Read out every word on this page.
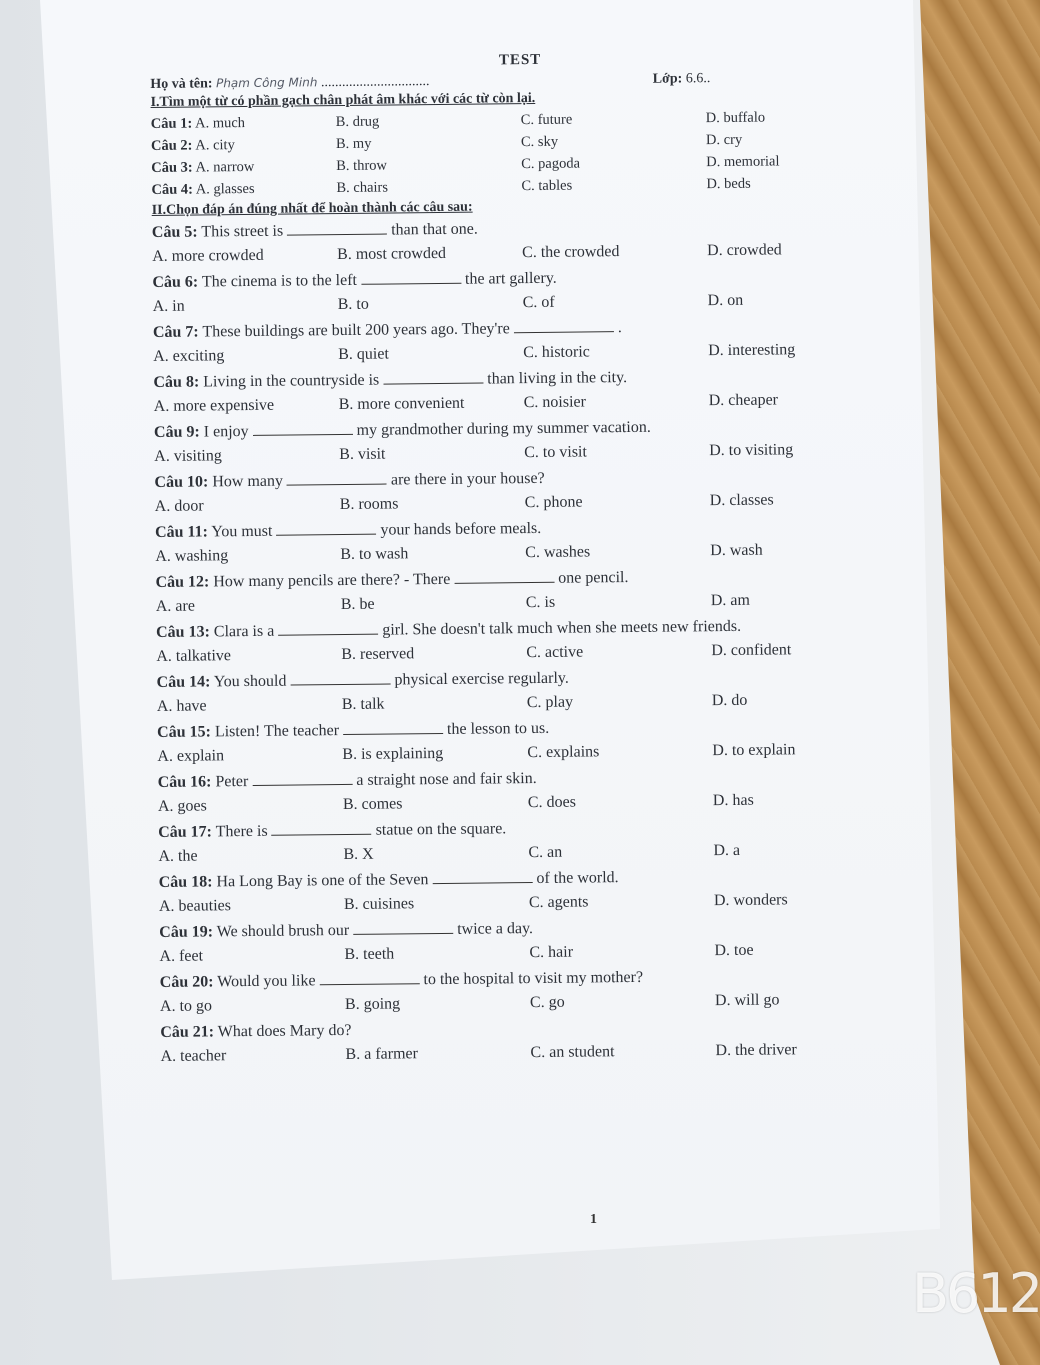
TEST
Họ và tên: Phạm Công Minh ...............................	Lớp: 6.6..
I.Tìm một từ có phần gạch chân phát âm khác với các từ còn lại.
Câu 1: A. much	B. drug	C. future	D. buffalo
Câu 2: A. city	B. my	C. sky	D. cry
Câu 3: A. narrow	B. throw	C. pagoda	D. memorial
Câu 4: A. glasses	B. chairs	C. tables	D. beds
II.Chọn đáp án đúng nhất để hoàn thành các câu sau:
Câu 5: This street is	than that one.
A. more crowded	B. most crowded	C. the crowded	D. crowded
Câu 6: The cinema is to the left	the art gallery.
A. in	B. to	C. of	D. on
Câu 7: These buildings are built 200 years ago. They're	.
A. exciting	B. quiet	C. historic	D. interesting
Câu 8: Living in the countryside is	than living in the city.
A. more expensive	B. more convenient	C. noisier	D. cheaper
Câu 9: I enjoy	my grandmother during my summer vacation.
A. visiting	B. visit	C. to visit	D. to visiting
Câu 10: How many	are there in your house?
A. door	B. rooms	C. phone	D. classes
Câu 11: You must	your hands before meals.
A. washing	B. to wash	C. washes	D. wash
Câu 12: How many pencils are there? - There	one pencil.
A. are	B. be	C. is	D. am
Câu 13: Clara is a	girl. She doesn't talk much when she meets new friends.
A. talkative	B. reserved	C. active	D. confident
Câu 14: You should	physical exercise regularly.
A. have	B. talk	C. play	D. do
Câu 15: Listen! The teacher	the lesson to us.
A. explain	B. is explaining	C. explains	D. to explain
Câu 16: Peter	a straight nose and fair skin.
A. goes	B. comes	C. does	D. has
Câu 17: There is	statue on the square.
A. the	B. X	C. an	D. a
Câu 18: Ha Long Bay is one of the Seven	of the world.
A. beauties	B. cuisines	C. agents	D. wonders
Câu 19: We should brush our	twice a day.
A. feet	B. teeth	C. hair	D. toe
Câu 20: Would you like	to the hospital to visit my mother?
A. to go	B. going	C. go	D. will go
Câu 21: What does Mary do?
A. teacher	B. a farmer	C. an student	D. the driver
1
B612
